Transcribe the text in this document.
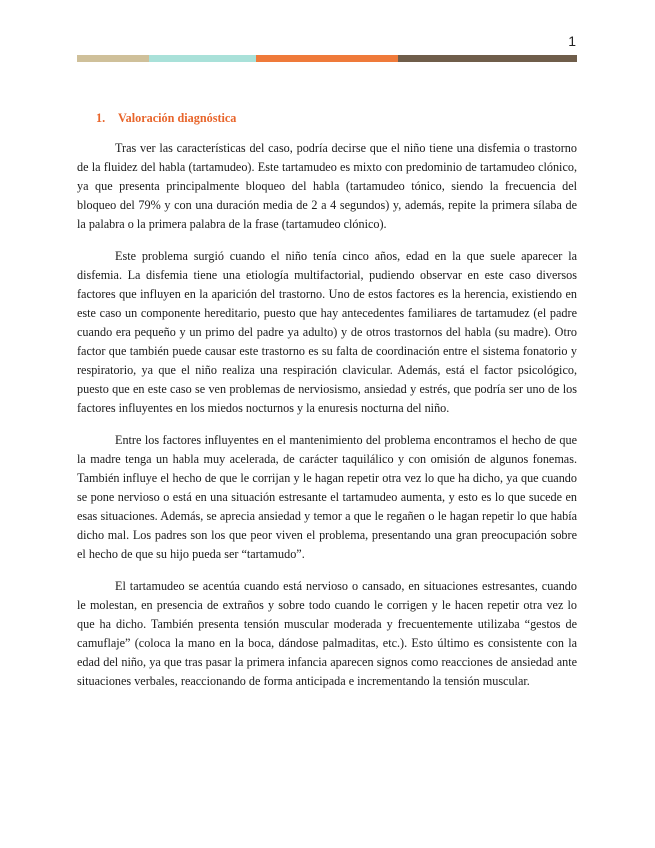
1
1. Valoración diagnóstica

Tras ver las características del caso, podría decirse que el niño tiene una disfemia o trastorno de la fluidez del habla (tartamudeo). Este tartamudeo es mixto con predominio de tartamudeo clónico, ya que presenta principalmente bloqueo del habla (tartamudeo tónico, siendo la frecuencia del bloqueo del 79% y con una duración media de 2 a 4 segundos) y, además, repite la primera sílaba de la palabra o la primera palabra de la frase (tartamudeo clónico).

Este problema surgió cuando el niño tenía cinco años, edad en la que suele aparecer la disfemia. La disfemia tiene una etiología multifactorial, pudiendo observar en este caso diversos factores que influyen en la aparición del trastorno. Uno de estos factores es la herencia, existiendo en este caso un componente hereditario, puesto que hay antecedentes familiares de tartamudez (el padre cuando era pequeño y un primo del padre ya adulto) y de otros trastornos del habla (su madre). Otro factor que también puede causar este trastorno es su falta de coordinación entre el sistema fonatorio y respiratorio, ya que el niño realiza una respiración clavicular. Además, está el factor psicológico, puesto que en este caso se ven problemas de nerviosismo, ansiedad y estrés, que podría ser uno de los factores influyentes en los miedos nocturnos y la enuresis nocturna del niño.

Entre los factores influyentes en el mantenimiento del problema encontramos el hecho de que la madre tenga un habla muy acelerada, de carácter taquilálico y con omisión de algunos fonemas. También influye el hecho de que le corrijan y le hagan repetir otra vez lo que ha dicho, ya que cuando se pone nervioso o está en una situación estresante el tartamudeo aumenta, y esto es lo que sucede en esas situaciones. Además, se aprecia ansiedad y temor a que le regañen o le hagan repetir lo que había dicho mal. Los padres son los que peor viven el problema, presentando una gran preocupación sobre el hecho de que su hijo pueda ser “tartamudo”.

El tartamudeo se acentúa cuando está nervioso o cansado, en situaciones estresantes, cuando le molestan, en presencia de extraños y sobre todo cuando le corrigen y le hacen repetir otra vez lo que ha dicho. También presenta tensión muscular moderada y frecuentemente utilizaba “gestos de camuflaje” (coloca la mano en la boca, dándose palmaditas, etc.). Esto último es consistente con la edad del niño, ya que tras pasar la primera infancia aparecen signos como reacciones de ansiedad ante situaciones verbales, reaccionando de forma anticipada e incrementando la tensión muscular.
